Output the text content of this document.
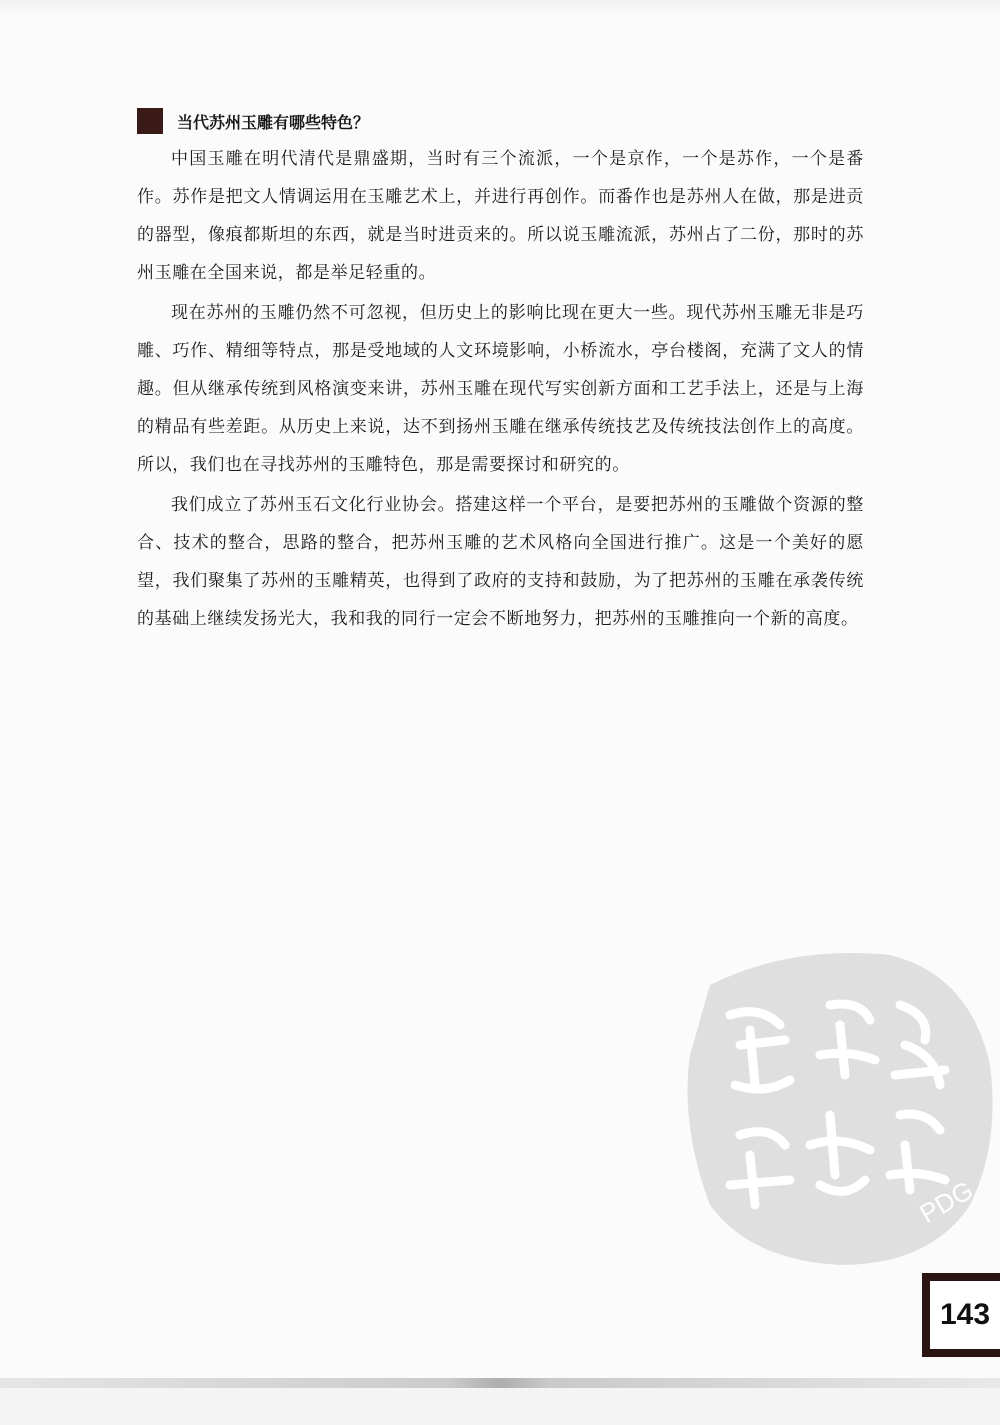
当代苏州玉雕有哪些特色？

中国玉雕在明代清代是鼎盛期，当时有三个流派，一个是京作，一个是苏作，一个是番作。苏作是把文人情调运用在玉雕艺术上，并进行再创作。而番作也是苏州人在做，那是进贡的器型，像痕都斯坦的东西，就是当时进贡来的。所以说玉雕流派，苏州占了二份，那时的苏州玉雕在全国来说，都是举足轻重的。

现在苏州的玉雕仍然不可忽视，但历史上的影响比现在更大一些。现代苏州玉雕无非是巧雕、巧作、精细等特点，那是受地域的人文环境影响，小桥流水，亭台楼阁，充满了文人的情趣。但从继承传统到风格演变来讲，苏州玉雕在现代写实创新方面和工艺手法上，还是与上海的精品有些差距。从历史上来说，达不到扬州玉雕在继承传统技艺及传统技法创作上的高度。所以，我们也在寻找苏州的玉雕特色，那是需要探讨和研究的。

我们成立了苏州玉石文化行业协会。搭建这样一个平台，是要把苏州的玉雕做个资源的整合、技术的整合，思路的整合，把苏州玉雕的艺术风格向全国进行推广。这是一个美好的愿望，我们聚集了苏州的玉雕精英，也得到了政府的支持和鼓励，为了把苏州的玉雕在承袭传统的基础上继续发扬光大，我和我的同行一定会不断地努力，把苏州的玉雕推向一个新的高度。

PDG
143
